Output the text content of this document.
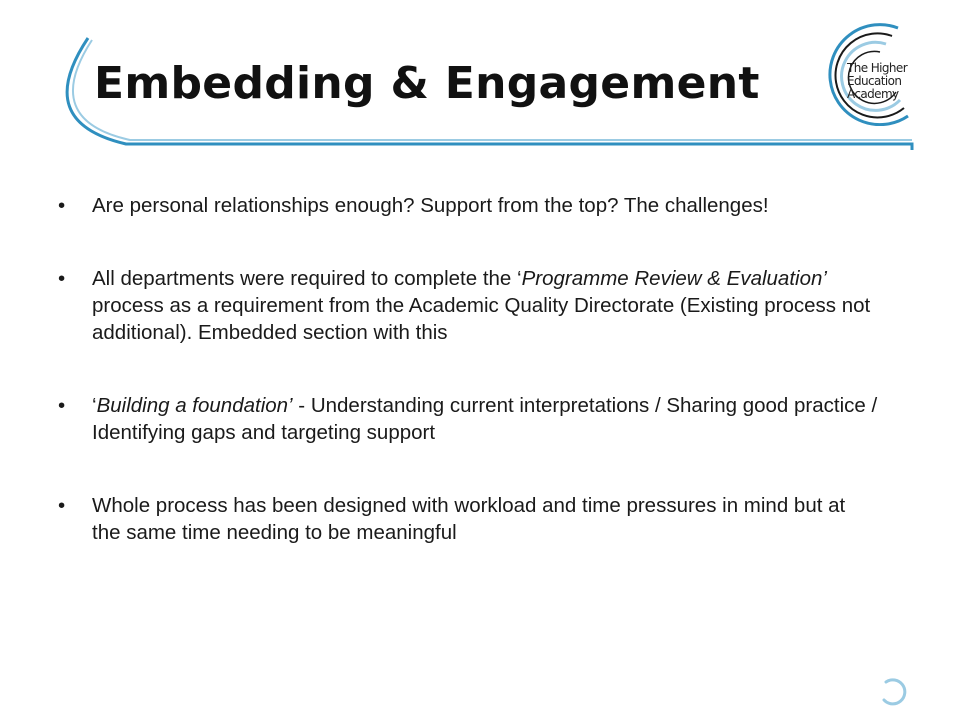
Embedding & Engagement	The Higher
Education
Academy
• Are personal relationships enough? Support from the top? The challenges!
• All departments were required to complete the ‘Programme Review & Evaluation’ process as a requirement from the Academic Quality Directorate (Existing process not additional). Embedded section with this
• ‘Building a foundation’ - Understanding current interpretations / Sharing good practice / Identifying gaps and targeting support
• Whole process has been designed with workload and time pressures in mind but at the same time needing to be meaningful
